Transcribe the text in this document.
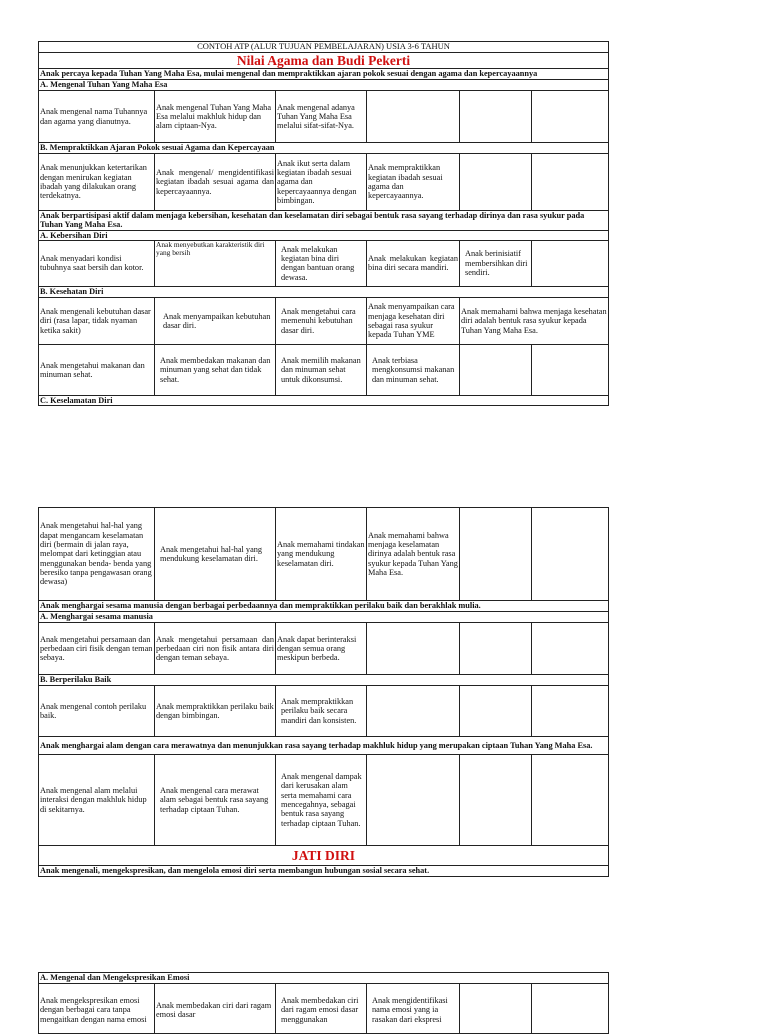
CONTOH ATP (ALUR TUJUAN PEMBELAJARAN) USIA 3-6 TAHUN					
Nilai Agama dan Budi Pekerti					
Anak percaya kepada Tuhan Yang Maha Esa, mulai mengenal dan mempraktikkan ajaran pokok sesuai dengan agama dan kepercayaannya					
A. Mengenal Tuhan Yang Maha Esa					
Anak mengenal nama Tuhannya dan agama yang dianutnya.	Anak mengenal Tuhan Yang Maha Esa melalui makhluk hidup dan alam ciptaan-Nya.	Anak mengenal adanya Tuhan Yang Maha Esa melalui sifat-sifat-Nya.			
B. Mempraktikkan Ajaran Pokok sesuai Agama dan Kepercayaan					
Anak menunjukkan ketertarikan dengan menirukan kegiatan ibadah yang dilakukan orang terdekatnya.	Anak mengenal/ mengidentifikasi kegiatan ibadah sesuai agama dan kepercayaannya.	Anak ikut serta dalam kegiatan ibadah sesuai agama dan kepercayaannya dengan bimbingan.	Anak mempraktikkan kegiatan ibadah sesuai agama dan kepercayaannya.		
Anak berpartisipasi aktif dalam menjaga kebersihan, kesehatan dan keselamatan diri sebagai bentuk rasa sayang terhadap dirinya dan rasa syukur pada Tuhan Yang Maha Esa.					
A. Kebersihan Diri					
Anak menyadari kondisi tubuhnya saat bersih dan kotor.	Anak menyebutkan karakteristik diri yang bersih	Anak melakukan kegiatan bina diri dengan bantuan orang dewasa.	Anak melakukan kegiatan bina diri secara mandiri.	Anak berinisiatif membersihkan diri sendiri.	
B. Kesehatan Diri					
Anak mengenali kebutuhan dasar diri (rasa lapar, tidak nyaman ketika sakit)	Anak menyampaikan kebutuhan dasar diri.	Anak mengetahui cara memenuhi kebutuhan dasar diri.	Anak menyampaikan cara menjaga kesehatan diri sebagai rasa syukur kepada Tuhan YME	Anak memahami bahwa menjaga kesehatan diri adalah bentuk rasa syukur kepada Tuhan Yang Maha Esa.	
Anak mengetahui makanan dan minuman sehat.	Anak membedakan makanan dan minuman yang sehat dan tidak sehat.	Anak memilih makanan dan minuman sehat untuk dikonsumsi.	Anak terbiasa mengkonsumsi makanan dan minuman sehat.		
C. Keselamatan Diri					
Anak mengetahui hal-hal yang dapat mengancam keselamatan diri (bermain di jalan raya, melompat dari ketinggian atau menggunakan benda- benda yang beresiko tanpa pengawasan orang dewasa)	Anak mengetahui hal-hal yang mendukung keselamatan diri.	Anak memahami tindakan yang mendukung keselamatan diri.	Anak memahami bahwa menjaga keselamatan dirinya adalah bentuk rasa syukur kepada Tuhan Yang Maha Esa.		
Anak menghargai sesama manusia dengan berbagai perbedaannya dan mempraktikkan perilaku baik dan berakhlak mulia.					
A. Menghargai sesama manusia					
Anak mengetahui persamaan dan perbedaan ciri fisik dengan teman sebaya.	Anak mengetahui persamaan dan perbedaan ciri non fisik antara diri dengan teman sebaya.	Anak dapat berinteraksi dengan semua orang meskipun berbeda.			
B. Berperilaku Baik					
Anak mengenal contoh perilaku baik.	Anak mempraktikkan perilaku baik dengan bimbingan.	Anak mempraktikkan perilaku baik secara mandiri dan konsisten.			
Anak menghargai alam dengan cara merawatnya dan menunjukkan rasa sayang terhadap makhluk hidup yang merupakan ciptaan Tuhan Yang Maha Esa.					
Anak mengenal alam melalui interaksi dengan makhluk hidup di sekitarnya.	Anak mengenal cara merawat alam sebagai bentuk rasa sayang terhadap ciptaan Tuhan.	Anak mengenal dampak dari kerusakan alam serta memahami cara mencegahnya, sebagai bentuk rasa sayang terhadap ciptaan Tuhan.			
JATI DIRI					
Anak mengenali, mengekspresikan, dan mengelola emosi diri serta membangun hubungan sosial secara sehat.					
A. Mengenal dan Mengekspresikan Emosi
Anak mengekspresikan emosi dengan berbagai cara tanpa mengaitkan dengan nama emosi	Anak membedakan ciri dari ragam emosi dasar	Anak membedakan ciri dari ragam emosi dasar menggunakan	Anak mengidentifikasi nama emosi yang ia rasakan dari ekspresi		
